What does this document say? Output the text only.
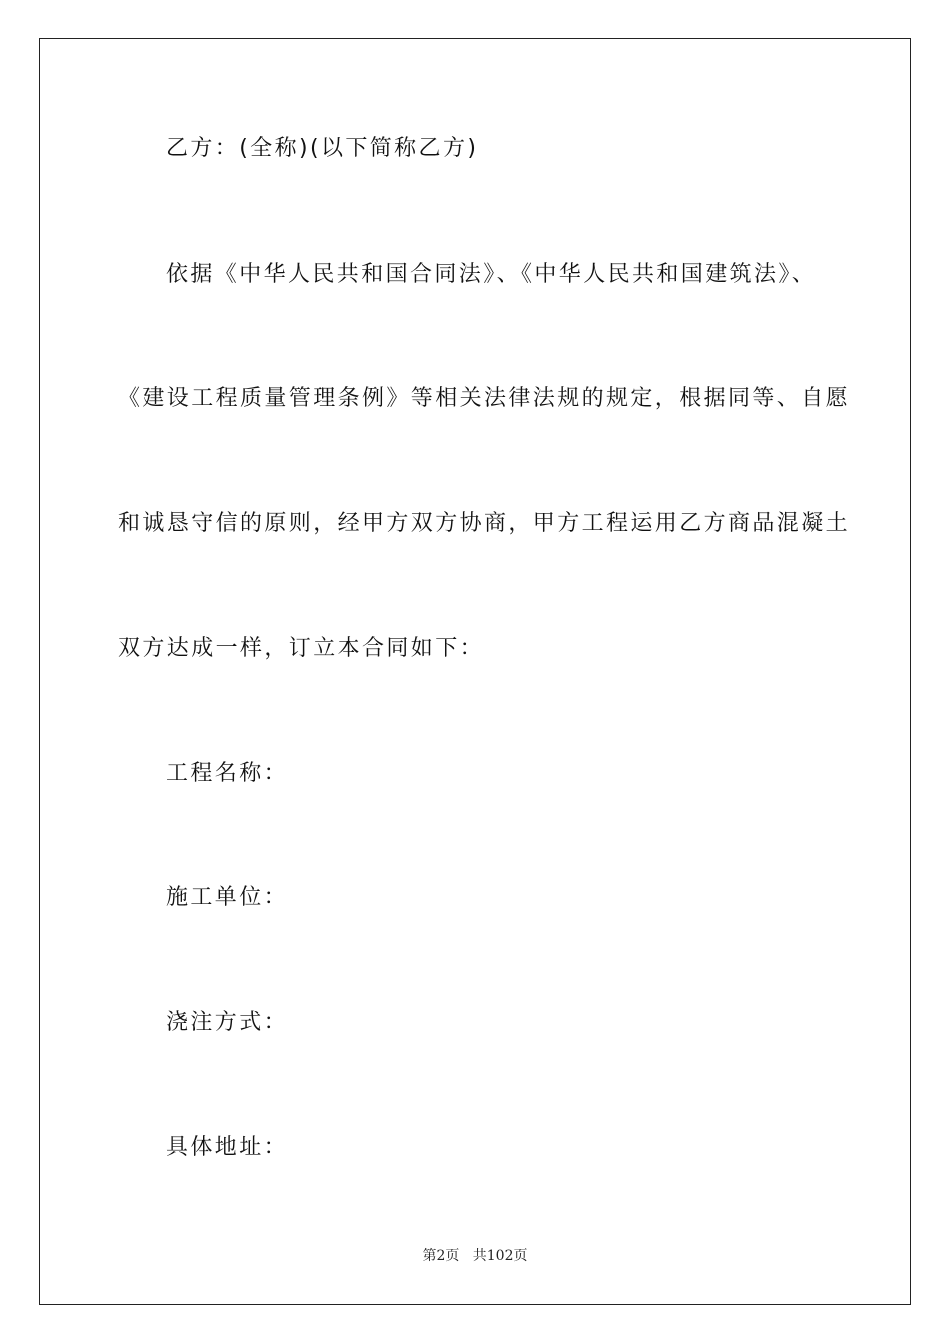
乙方：(全称)(以下简称乙方)
依据《中华人民共和国合同法》、《中华人民共和国建筑法》、
《建设工程质量管理条例》等相关法律法规的规定，根据同等、自愿
和诚恳守信的原则，经甲方双方协商，甲方工程运用乙方商品混凝土
双方达成一样，订立本合同如下：
工程名称：
施工单位：
浇注方式：
具体地址：
第2页 共102页
